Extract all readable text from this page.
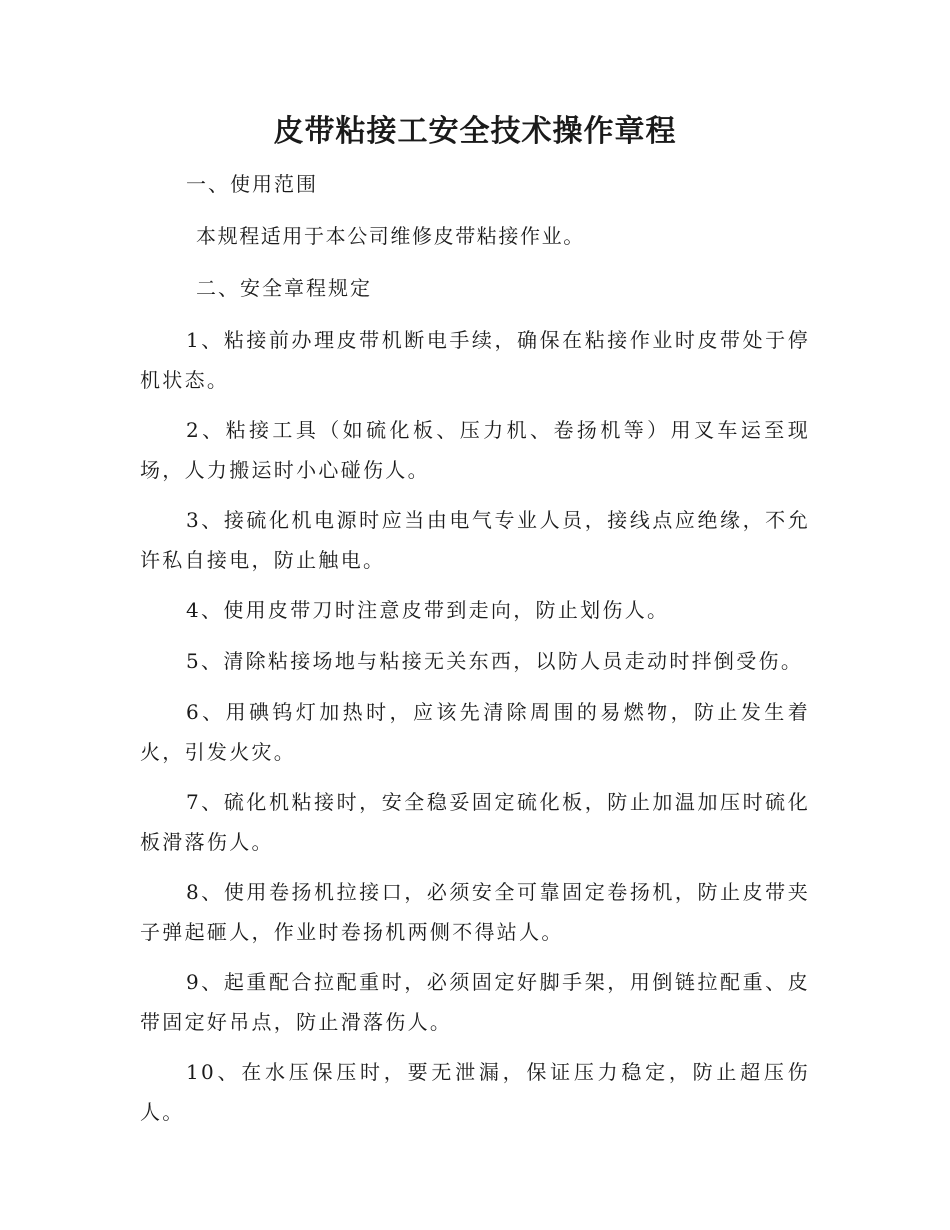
皮带粘接工安全技术操作章程

一、使用范围

本规程适用于本公司维修皮带粘接作业。

二、安全章程规定

1、粘接前办理皮带机断电手续，确保在粘接作业时皮带处于停机状态。

2、粘接工具（如硫化板、压力机、卷扬机等）用叉车运至现场，人力搬运时小心碰伤人。

3、接硫化机电源时应当由电气专业人员，接线点应绝缘，不允许私自接电，防止触电。

4、使用皮带刀时注意皮带到走向，防止划伤人。

5、清除粘接场地与粘接无关东西，以防人员走动时拌倒受伤。

6、用碘钨灯加热时，应该先清除周围的易燃物，防止发生着火，引发火灾。

7、硫化机粘接时，安全稳妥固定硫化板，防止加温加压时硫化板滑落伤人。

8、使用卷扬机拉接口，必须安全可靠固定卷扬机，防止皮带夹子弹起砸人，作业时卷扬机两侧不得站人。

9、起重配合拉配重时，必须固定好脚手架，用倒链拉配重、皮带固定好吊点，防止滑落伤人。

10、在水压保压时，要无泄漏，保证压力稳定，防止超压伤人。
